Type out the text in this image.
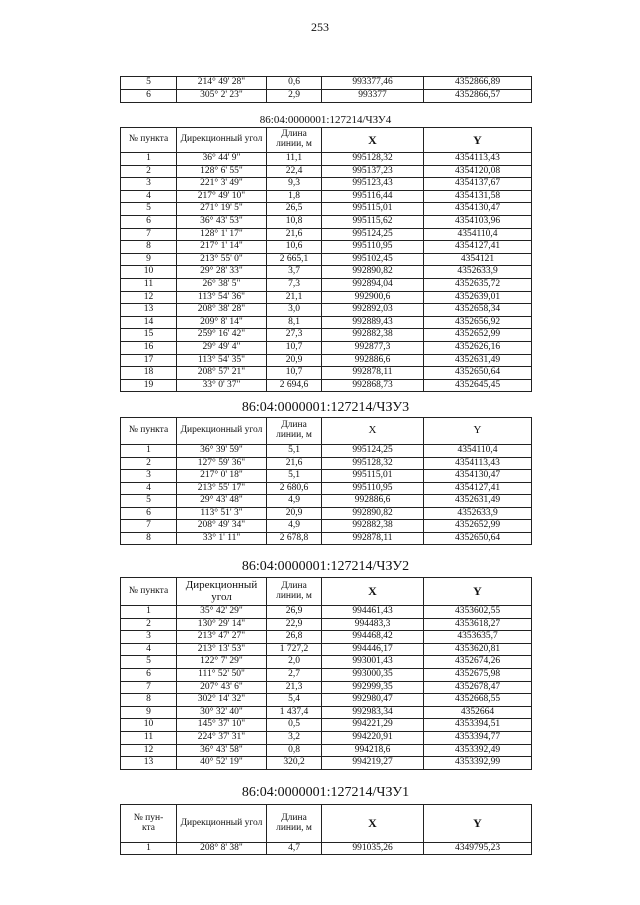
253
5	214° 49' 28"	0,6	993377,46	4352866,89
6	305° 2' 23"	2,9	993377	4352866,57
86:04:0000001:127214/ЧЗУ4
№ пункта	Дирекционный угол	Длина линии, м	X	Y
1	36° 44' 9"	11,1	995128,32	4354113,43
2	128° 6' 55"	22,4	995137,23	4354120,08
3	221° 3' 49"	9,3	995123,43	4354137,67
4	217° 49' 10"	1,8	995116,44	4354131,58
5	271° 19' 5"	26,5	995115,01	4354130,47
6	36° 43' 53"	10,8	995115,62	4354103,96
7	128° 1' 17"	21,6	995124,25	4354110,4
8	217° 1' 14"	10,6	995110,95	4354127,41
9	213° 55' 0"	2 665,1	995102,45	4354121
10	29° 28' 33"	3,7	992890,82	4352633,9
11	26° 38' 5"	7,3	992894,04	4352635,72
12	113° 54' 36"	21,1	992900,6	4352639,01
13	208° 38' 28"	3,0	992892,03	4352658,34
14	209° 8' 14"	8,1	992889,43	4352656,92
15	259° 16' 42"	27,3	992882,38	4352652,99
16	29° 49' 4"	10,7	992877,3	4352626,16
17	113° 54' 35"	20,9	992886,6	4352631,49
18	208° 57' 21"	10,7	992878,11	4352650,64
19	33° 0' 37"	2 694,6	992868,73	4352645,45
86:04:0000001:127214/ЧЗУ3
№ пункта	Дирекционный угол	Длина линии, м	X	Y
1	36° 39' 59"	5,1	995124,25	4354110,4
2	127° 59' 36"	21,6	995128,32	4354113,43
3	217° 0' 18"	5,1	995115,01	4354130,47
4	213° 55' 17"	2 680,6	995110,95	4354127,41
5	29° 43' 48"	4,9	992886,6	4352631,49
6	113° 51' 3"	20,9	992890,82	4352633,9
7	208° 49' 34"	4,9	992882,38	4352652,99
8	33° 1' 11"	2 678,8	992878,11	4352650,64
86:04:0000001:127214/ЧЗУ2
№ пункта	Дирекционный угол	Длина линии, м	X	Y
1	35° 42' 29"	26,9	994461,43	4353602,55
2	130° 29' 14"	22,9	994483,3	4353618,27
3	213° 47' 27"	26,8	994468,42	4353635,7
4	213° 13' 53"	1 727,2	994446,17	4353620,81
5	122° 7' 29"	2,0	993001,43	4352674,26
6	111° 52' 50"	2,7	993000,35	4352675,98
7	207° 43' 6"	21,3	992999,35	4352678,47
8	302° 14' 32"	5,4	992980,47	4352668,55
9	30° 32' 40"	1 437,4	992983,34	4352664
10	145° 37' 10"	0,5	994221,29	4353394,51
11	224° 37' 31"	3,2	994220,91	4353394,77
12	36° 43' 58"	0,8	994218,6	4353392,49
13	40° 52' 19"	320,2	994219,27	4353392,99
86:04:0000001:127214/ЧЗУ1
№ пун-кта	Дирекционный угол	Длина линии, м	X	Y
1	208° 8' 38"	4,7	991035,26	4349795,23
